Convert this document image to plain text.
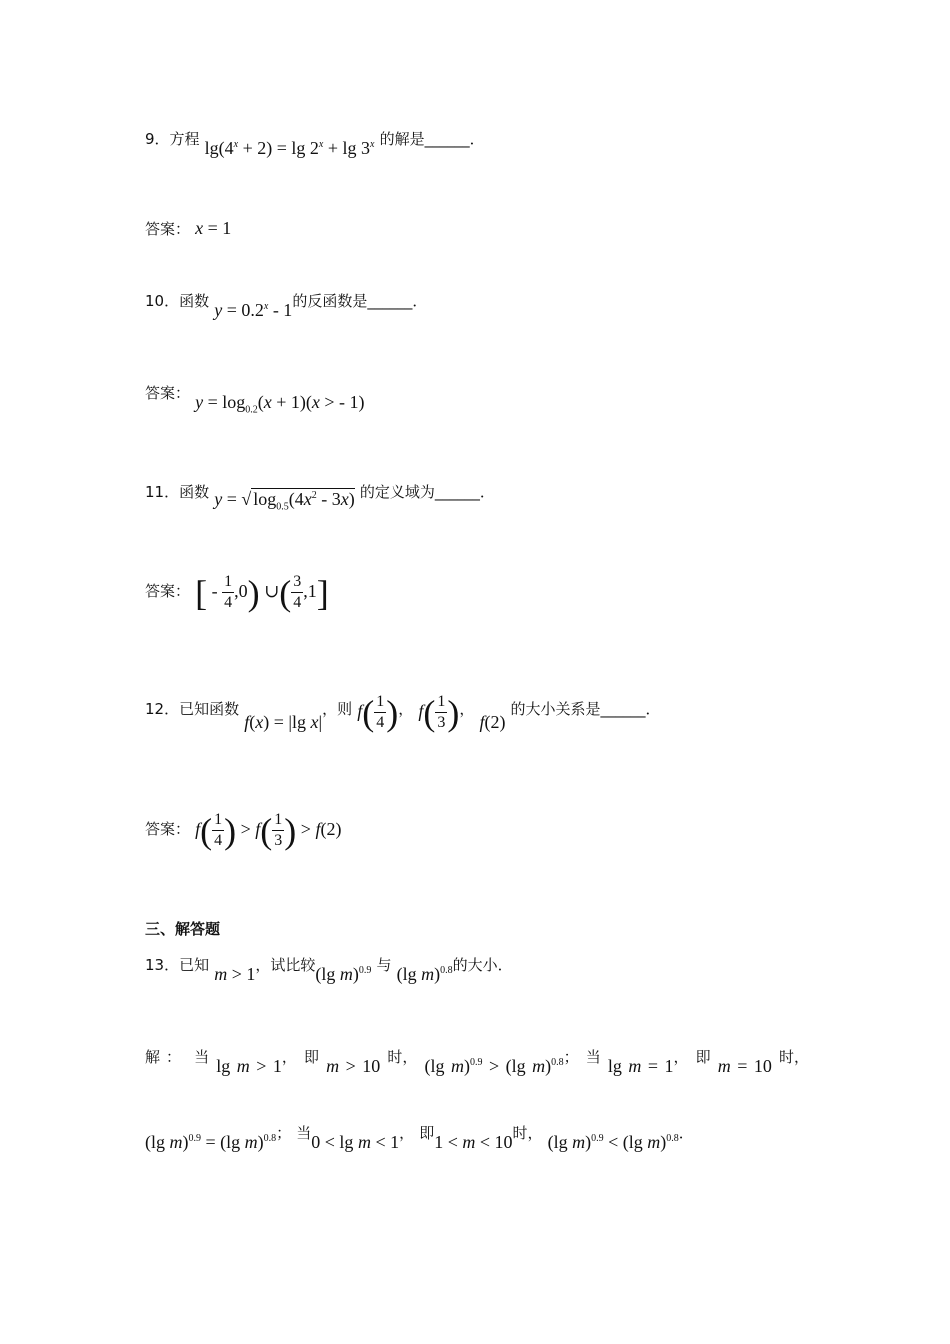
9．方程 $\lg(4^x + 2) = \lg 2^x + \lg 3^x$ 的解是______．
答案： x = 1
10．函数 $y = 0.2^x - 1$的反函数是______．
答案： $y = \log_{0.2}(x + 1)(x$ > - 1)
11．函数 y = √ $\log_{0.5}(4x^2 - 3x)$ 的定义域为______．
答案： [ - $\frac{1}{4} ,0$) ∪( $\frac{3}{4} ,1$]
12．已知函数 f(x) = |lg x|，则 $f( \frac{1}{4}$ )， $f( \frac{1}{3}$ )， f(2) 的大小关系是______．
答案： $f( \frac{1}{4}$ ) > $f( \frac{1}{3}$ ) > f(2)
三、解答题
13．已知 m > 1，试比较(lg m)$^{0.9}$ 与 (lg m)$^{0.8}$的大小．
解： 当 lg m > 1， 即 m > 10 时， (lg m)$^{0.9}$ > (lg m)$^{0.8}$； 当 lg m = 1， 即 m = 10 时，
(lg m)$^{0.9}$ = (lg m)$^{0.8}$； 当0 < lg m < 1， 即1 < m < 10时， (lg m)$^{0.9}$ < (lg m)$^{0.8}$．
